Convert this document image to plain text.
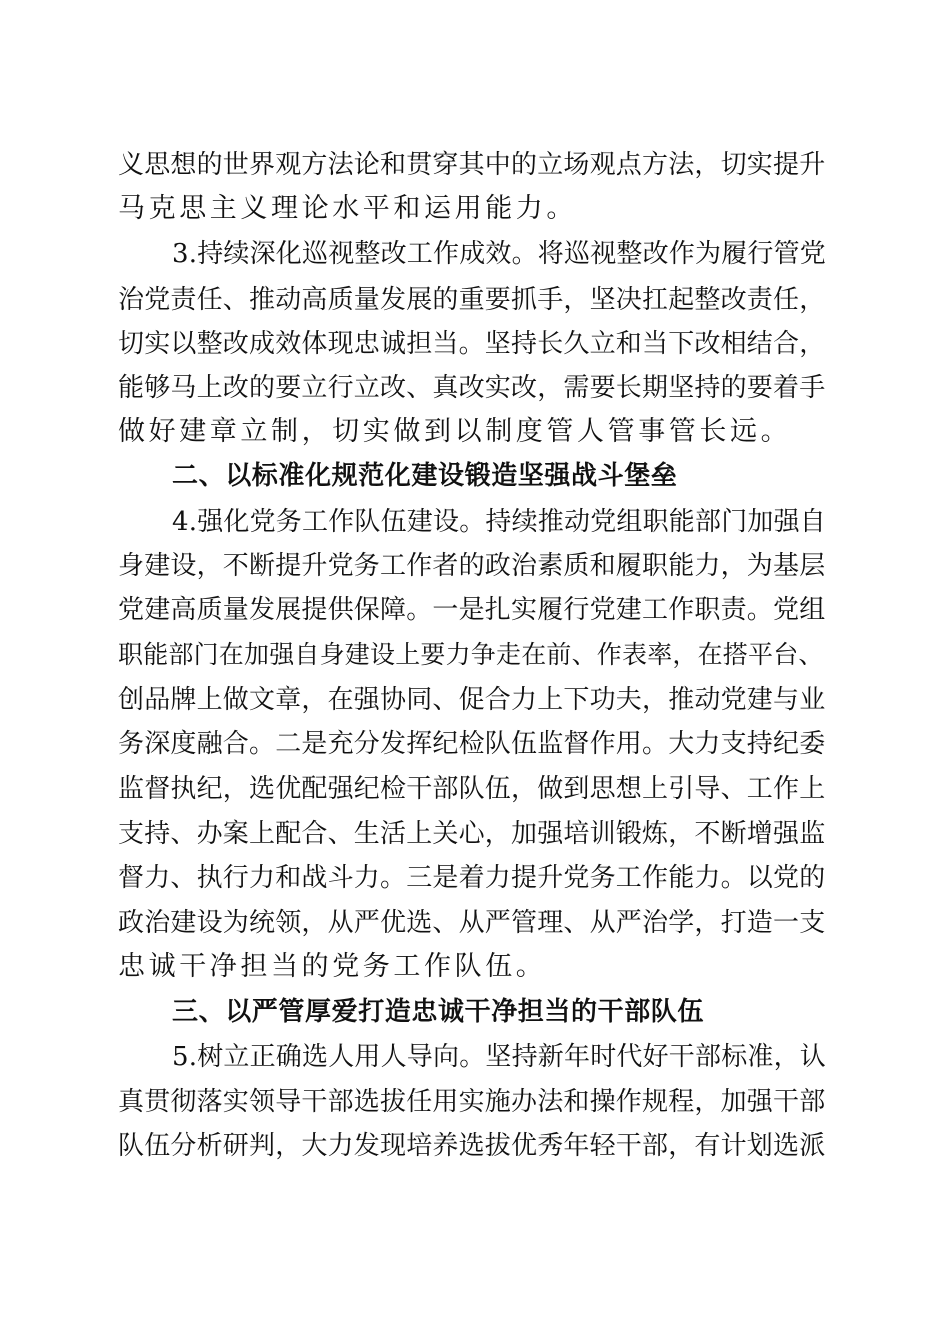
义思想的世界观方法论和贯穿其中的立场观点方法，切实提升
马克思主义理论水平和运用能力。
3.持续深化巡视整改工作成效。将巡视整改作为履行管党
治党责任、推动高质量发展的重要抓手，坚决扛起整改责任，
切实以整改成效体现忠诚担当。坚持长久立和当下改相结合，
能够马上改的要立行立改、真改实改，需要长期坚持的要着手
做好建章立制，切实做到以制度管人管事管长远。
二、以标准化规范化建设锻造坚强战斗堡垒
4.强化党务工作队伍建设。持续推动党组职能部门加强自
身建设，不断提升党务工作者的政治素质和履职能力，为基层
党建高质量发展提供保障。一是扎实履行党建工作职责。党组
职能部门在加强自身建设上要力争走在前、作表率，在搭平台、
创品牌上做文章，在强协同、促合力上下功夫，推动党建与业
务深度融合。二是充分发挥纪检队伍监督作用。大力支持纪委
监督执纪，选优配强纪检干部队伍，做到思想上引导、工作上
支持、办案上配合、生活上关心，加强培训锻炼，不断增强监
督力、执行力和战斗力。三是着力提升党务工作能力。以党的
政治建设为统领，从严优选、从严管理、从严治学，打造一支
忠诚干净担当的党务工作队伍。
三、以严管厚爱打造忠诚干净担当的干部队伍
5.树立正确选人用人导向。坚持新年时代好干部标准，认
真贯彻落实领导干部选拔任用实施办法和操作规程，加强干部
队伍分析研判，大力发现培养选拔优秀年轻干部，有计划选派
